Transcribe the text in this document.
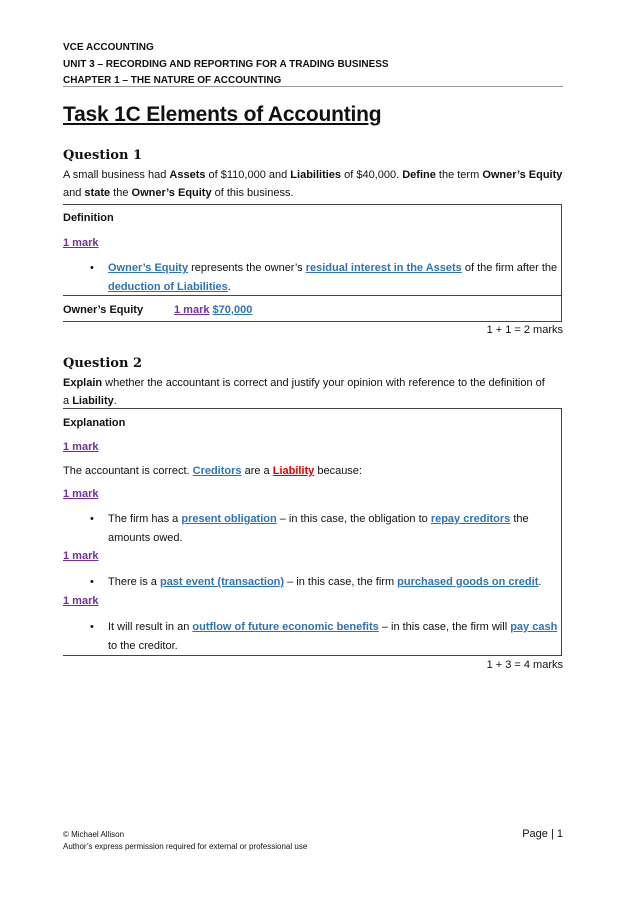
VCE ACCOUNTING
UNIT 3 – RECORDING AND REPORTING FOR A TRADING BUSINESS
CHAPTER 1 – THE NATURE OF ACCOUNTING
Task 1C Elements of Accounting
Question 1
A small business had Assets of $110,000 and Liabilities of $40,000. Define the term Owner’s Equity
and state the Owner’s Equity of this business.
Definition
1 mark
• Owner’s Equity represents the owner’s residual interest in the Assets of the firm after the
deduction of Liabilities.
Owner’s Equity	1 mark $70,000
1 + 1 = 2 marks
Question 2
Explain whether the accountant is correct and justify your opinion with reference to the definition of
a Liability.
Explanation
1 mark
The accountant is correct. Creditors are a Liability because:
1 mark
• The firm has a present obligation – in this case, the obligation to repay creditors the
amounts owed.
1 mark
• There is a past event (transaction) – in this case, the firm purchased goods on credit.
1 mark
• It will result in an outflow of future economic benefits – in this case, the firm will pay cash
to the creditor.
1 + 3 = 4 marks
© Michael Allison
Author’s express permission required for external or professional use
Page | 1
